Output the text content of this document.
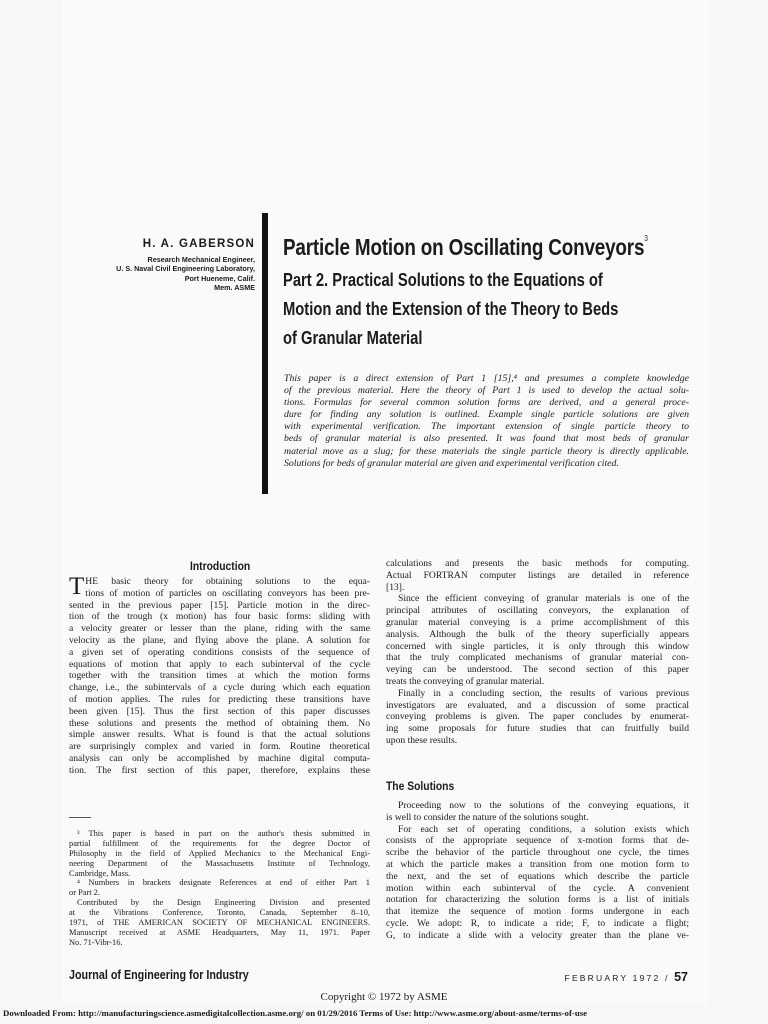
H. A. GABERSON
Research Mechanical Engineer,
U. S. Naval Civil Engineering Laboratory,
Port Hueneme, Calif.
Mem. ASME
Particle Motion on Oscillating Conveyors$^3$
Part 2. Practical Solutions to the Equations of
Motion and the Extension of the Theory to Beds
of Granular Material
This paper is a direct extension of Part 1 [15],⁴ and presumes a complete knowledge
of the previous material. Here the theory of Part 1 is used to develop the actual solu-
tions. Formulas for several common solution forms are derived, and a general proce-
dure for finding any solution is outlined. Example single particle solutions are given
with experimental verification. The important extension of single particle theory to
beds of granular material is also presented. It was found that most beds of granular
material move as a slug; for these materials the single particle theory is directly applicable.
Solutions for beds of granular material are given and experimental verification cited.
Introduction
T HE basic theory for obtaining solutions to the equa-
tions of motion of particles on oscillating conveyors has been pre-
sented in the previous paper [15]. Particle motion in the direc-
tion of the trough (x motion) has four basic forms: sliding with
a velocity greater or lesser than the plane, riding with the same
velocity as the plane, and flying above the plane. A solution for
a given set of operating conditions consists of the sequence of
equations of motion that apply to each subinterval of the cycle
together with the transition times at which the motion forms
change, i.e., the subintervals of a cycle during which each equation
of motion applies. The rules for predicting these transitions have
been given [15]. Thus the first section of this paper discusses
these solutions and presents the method of obtaining them. No
simple answer results. What is found is that the actual solutions
are surprisingly complex and varied in form. Routine theoretical
analysis can only be accomplished by machine digital computa-
tion. The first section of this paper, therefore, explains these
³ This paper is based in part on the author's thesis submitted in
partial fulfillment of the requirements for the degree Doctor of
Philosophy in the field of Applied Mechanics to the Mechanical Engi-
neering Department of the Massachusetts Institute of Technology,
Cambridge, Mass.
⁴ Numbers in brackets designate References at end of either Part 1
or Part 2.
Contributed by the Design Engineering Division and presented
at the Vibrations Conference, Toronto, Canada, September 8–10,
1971, of THE AMERICAN SOCIETY OF MECHANICAL ENGINEERS.
Manuscript received at ASME Headquarters, May 11, 1971. Paper
No. 71-Vibr-16.
calculations and presents the basic methods for computing.
Actual FORTRAN computer listings are detailed in reference
[13].
Since the efficient conveying of granular materials is one of the
principal attributes of oscillating conveyors, the explanation of
granular material conveying is a prime accomplishment of this
analysis. Although the bulk of the theory superficially appears
concerned with single particles, it is only through this window
that the truly complicated mechanisms of granular material con-
veying can be understood. The second section of this paper
treats the conveying of granular material.
Finally in a concluding section, the results of various previous
investigators are evaluated, and a discussion of some practical
conveying problems is given. The paper concludes by enumerat-
ing some proposals for future studies that can fruitfully build
upon these results.
The Solutions
Proceeding now to the solutions of the conveying equations, it
is well to consider the nature of the solutions sought.
For each set of operating conditions, a solution exists which
consists of the appropriate sequence of x-motion forms that de-
scribe the behavior of the particle throughout one cycle, the times
at which the particle makes a transition from one motion form to
the next, and the set of equations which describe the particle
motion within each subinterval of the cycle. A convenient
notation for characterizing the solution forms is a list of initials
that itemize the sequence of motion forms undergone in each
cycle. We adopt: R, to indicate a ride; F, to indicate a flight;
G, to indicate a slide with a velocity greater than the plane ve-
Journal of Engineering for Industry	FEBRUARY 1972 / 57
Copyright © 1972 by ASME
Downloaded From: http://manufacturingscience.asmedigitalcollection.asme.org/ on 01/29/2016 Terms of Use: http://www.asme.org/about-asme/terms-of-use
